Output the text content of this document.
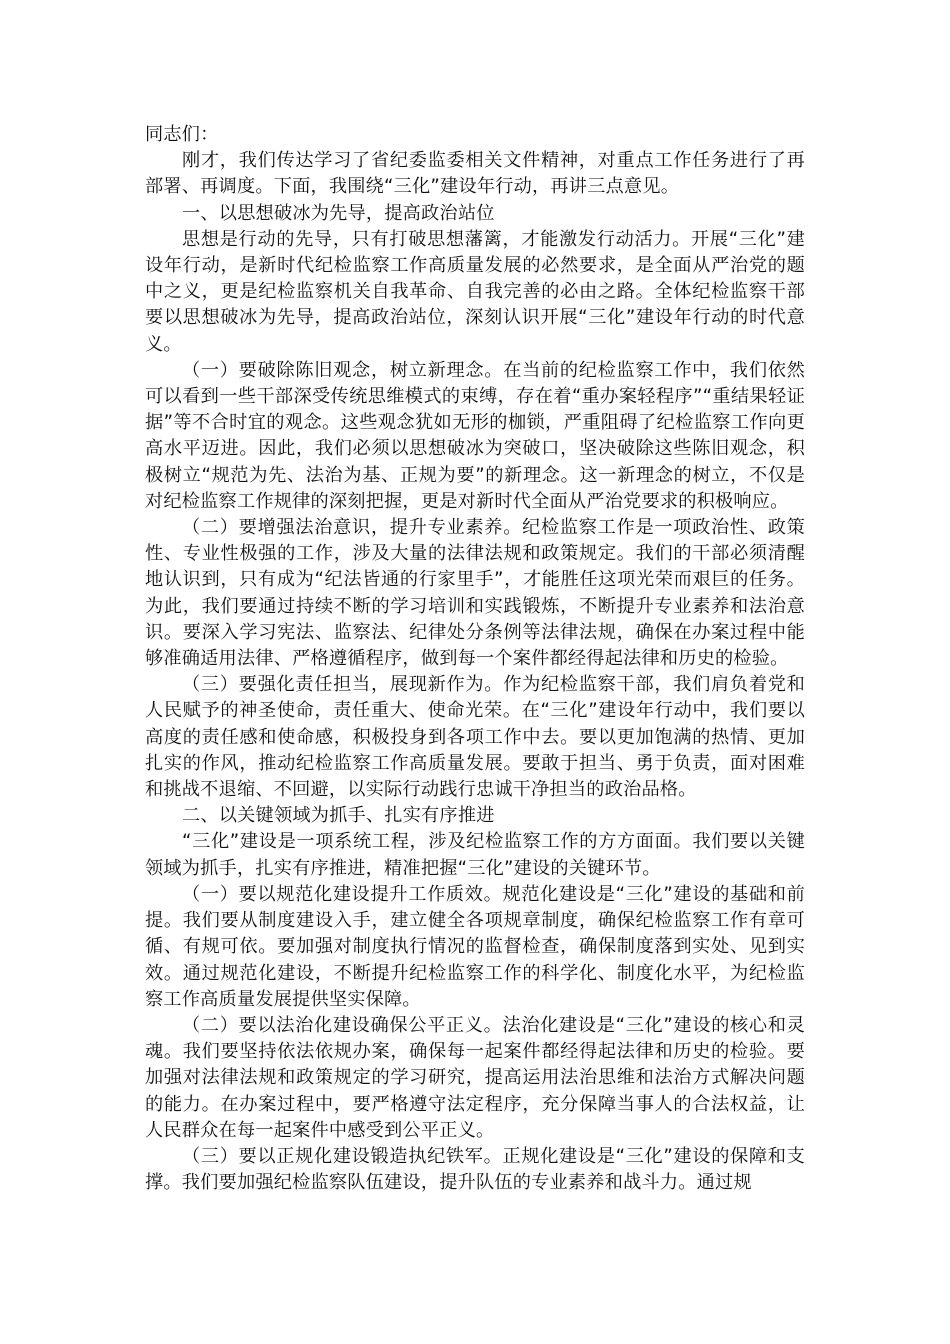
同志们：

刚才，我们传达学习了省纪委监委相关文件精神，对重点工作任务进行了再部署、再调度。下面，我围绕“三化”建设年行动，再讲三点意见。

一、以思想破冰为先导，提高政治站位

思想是行动的先导，只有打破思想藩篱，才能激发行动活力。开展“三化”建设年行动，是新时代纪检监察工作高质量发展的必然要求，是全面从严治党的题中之义，更是纪检监察机关自我革命、自我完善的必由之路。全体纪检监察干部要以思想破冰为先导，提高政治站位，深刻认识开展“三化”建设年行动的时代意义。

（一）要破除陈旧观念，树立新理念。在当前的纪检监察工作中，我们依然可以看到一些干部深受传统思维模式的束缚，存在着“重办案轻程序”“重结果轻证据”等不合时宜的观念。这些观念犹如无形的枷锁，严重阻碍了纪检监察工作向更高水平迈进。因此，我们必须以思想破冰为突破口，坚决破除这些陈旧观念，积极树立“规范为先、法治为基、正规为要”的新理念。这一新理念的树立，不仅是对纪检监察工作规律的深刻把握，更是对新时代全面从严治党要求的积极响应。

（二）要增强法治意识，提升专业素养。纪检监察工作是一项政治性、政策性、专业性极强的工作，涉及大量的法律法规和政策规定。我们的干部必须清醒地认识到，只有成为“纪法皆通的行家里手”，才能胜任这项光荣而艰巨的任务。为此，我们要通过持续不断的学习培训和实践锻炼，不断提升专业素养和法治意识。要深入学习宪法、监察法、纪律处分条例等法律法规，确保在办案过程中能够准确适用法律、严格遵循程序，做到每一个案件都经得起法律和历史的检验。

（三）要强化责任担当，展现新作为。作为纪检监察干部，我们肩负着党和人民赋予的神圣使命，责任重大、使命光荣。在“三化”建设年行动中，我们要以高度的责任感和使命感，积极投身到各项工作中去。要以更加饱满的热情、更加扎实的作风，推动纪检监察工作高质量发展。要敢于担当、勇于负责，面对困难和挑战不退缩、不回避，以实际行动践行忠诚干净担当的政治品格。

二、以关键领域为抓手、扎实有序推进

“三化”建设是一项系统工程，涉及纪检监察工作的方方面面。我们要以关键领域为抓手，扎实有序推进，精准把握“三化”建设的关键环节。

（一）要以规范化建设提升工作质效。规范化建设是“三化”建设的基础和前提。我们要从制度建设入手，建立健全各项规章制度，确保纪检监察工作有章可循、有规可依。要加强对制度执行情况的监督检查，确保制度落到实处、见到实效。通过规范化建设，不断提升纪检监察工作的科学化、制度化水平，为纪检监察工作高质量发展提供坚实保障。

（二）要以法治化建设确保公平正义。法治化建设是“三化”建设的核心和灵魂。我们要坚持依法依规办案，确保每一起案件都经得起法律和历史的检验。要加强对法律法规和政策规定的学习研究，提高运用法治思维和法治方式解决问题的能力。在办案过程中，要严格遵守法定程序，充分保障当事人的合法权益，让人民群众在每一起案件中感受到公平正义。

（三）要以正规化建设锻造执纪铁军。正规化建设是“三化”建设的保障和支撑。我们要加强纪检监察队伍建设，提升队伍的专业素养和战斗力。通过规
